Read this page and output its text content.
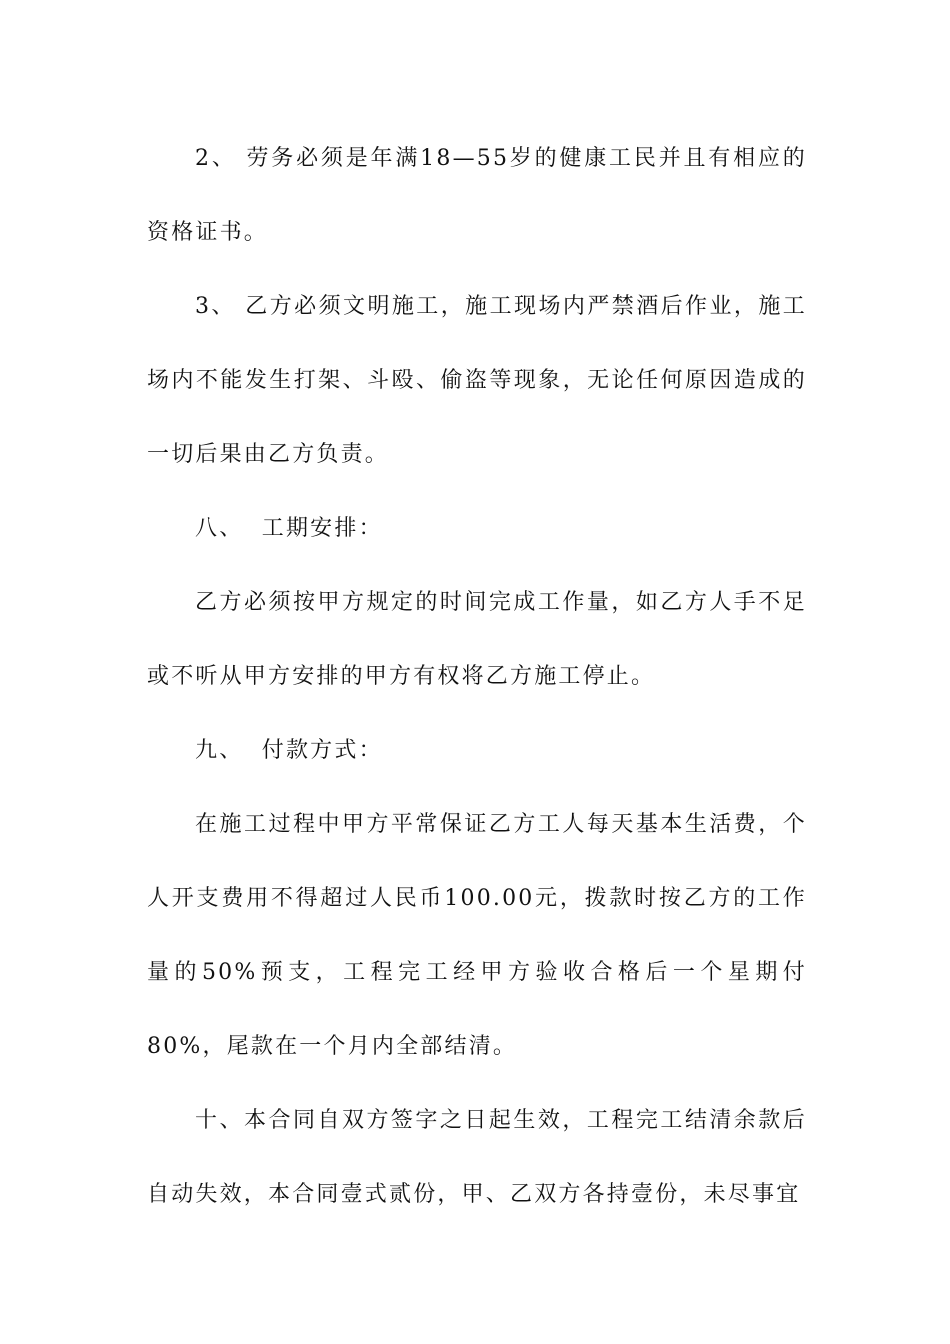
2、 劳务必须是年满18—55岁的健康工民并且有相应的资格证书。

3、 乙方必须文明施工，施工现场内严禁酒后作业，施工场内不能发生打架、斗殴、偷盗等现象，无论任何原因造成的一切后果由乙方负责。

八、  工期安排：

乙方必须按甲方规定的时间完成工作量，如乙方人手不足或不听从甲方安排的甲方有权将乙方施工停止。

九、  付款方式：

在施工过程中甲方平常保证乙方工人每天基本生活费，个人开支费用不得超过人民币100.00元，拨款时按乙方的工作量的50%预支，工程完工经甲方验收合格后一个星期付80%，尾款在一个月内全部结清。

十、本合同自双方签字之日起生效，工程完工结清余款后自动失效，本合同壹式贰份，甲、乙双方各持壹份，未尽事宜
